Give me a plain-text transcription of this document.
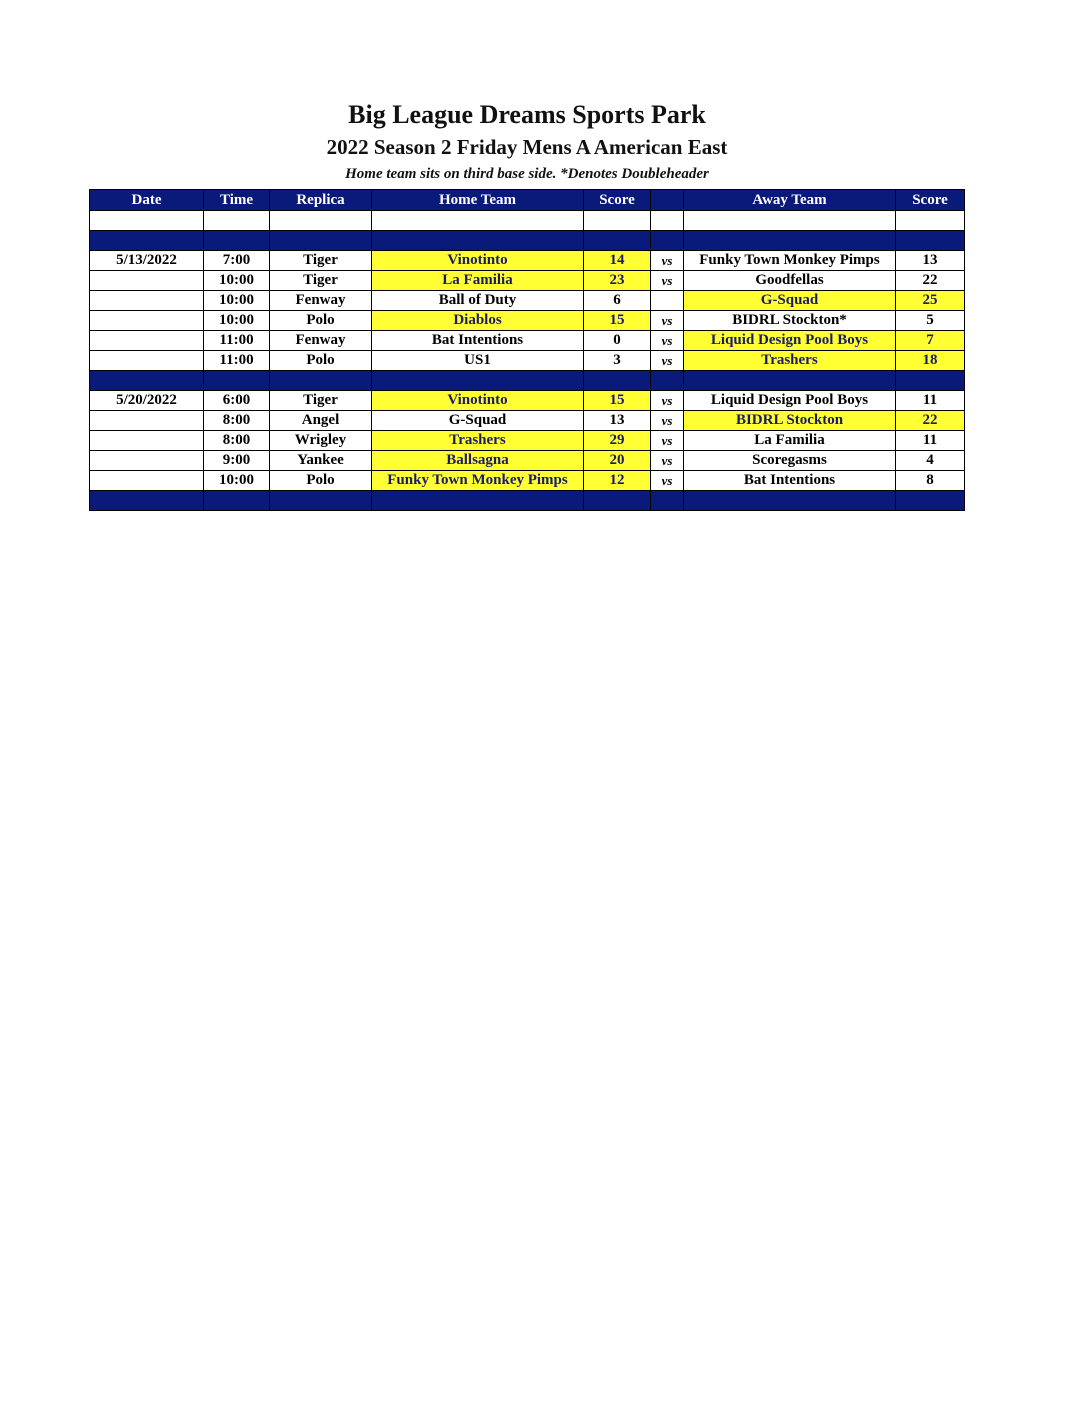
Big League Dreams Sports Park
2022 Season 2 Friday Mens A American East
Home team sits on third base side. *Denotes Doubleheader
Date	Time	Replica	Home Team	Score		Away Team	Score

5/13/2022	7:00	Tiger	Vinotinto	14	vs	Funky Town Monkey Pimps	13
	10:00	Tiger	La Familia	23	vs	Goodfellas	22
	10:00	Fenway	Ball of Duty	6		G-Squad	25
	10:00	Polo	Diablos	15	vs	BIDRL Stockton*	5
	11:00	Fenway	Bat Intentions	0	vs	Liquid Design Pool Boys	7
	11:00	Polo	US1	3	vs	Trashers	18

5/20/2022	6:00	Tiger	Vinotinto	15	vs	Liquid Design Pool Boys	11
	8:00	Angel	G-Squad	13	vs	BIDRL Stockton	22
	8:00	Wrigley	Trashers	29	vs	La Familia	11
	9:00	Yankee	Ballsagna	20	vs	Scoregasms	4
	10:00	Polo	Funky Town Monkey Pimps	12	vs	Bat Intentions	8
